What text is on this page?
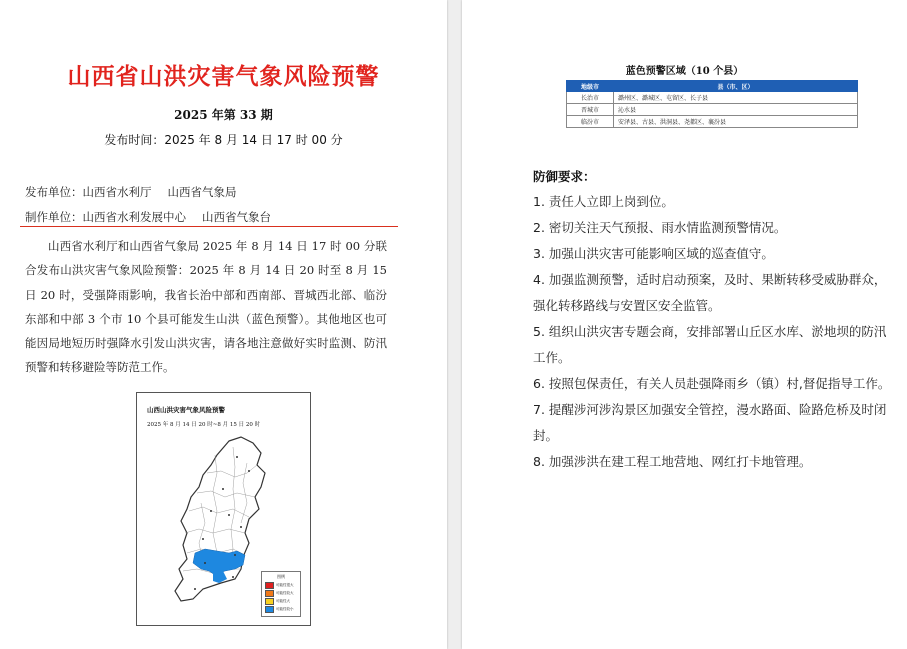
山西省山洪灾害气象风险预警
2025 年第 33 期
发布时间：2025 年 8 月 14 日 17 时 00 分
发布单位：山西省水利厅 山西省气象局
制作单位：山西省水利发展中心 山西省气象台
山西省水利厅和山西省气象局 2025 年 8 月 14 日 17 时 00 分联合发布山洪灾害气象风险预警：2025 年 8 月 14 日 20 时至 8 月 15 日 20 时，受强降雨影响，我省长治中部和西南部、晋城西北部、临汾东部和中部 3 个市 10 个县可能发生山洪（蓝色预警）。其他地区也可能因局地短历时强降水引发山洪灾害，请各地注意做好实时监测、防汛预警和转移避险等防范工作。
山西山洪灾害气象风险预警
2025 年 8 月 14 日 20 时~8 月 15 日 20 时
图例
可能性很大
可能性较大
可能性大
可能性较小
蓝色预警区域（10 个县）
地级市	县（市、区）
长治市	潞州区、潞城区、屯留区、长子县
晋城市	沁水县
临汾市	安泽县、古县、洪洞县、尧都区、襄汾县
防御要求：
1. 责任人立即上岗到位。
2. 密切关注天气预报、雨水情监测预警情况。
3. 加强山洪灾害可能影响区域的巡查值守。
4. 加强监测预警，适时启动预案，及时、果断转移受威胁群众，强化转移路线与安置区安全监管。
5. 组织山洪灾害专题会商，安排部署山丘区水库、淤地坝的防汛工作。
6. 按照包保责任，有关人员赴强降雨乡（镇）村,督促指导工作。
7. 提醒涉河涉沟景区加强安全管控，漫水路面、险路危桥及时闭封。
8. 加强涉洪在建工程工地营地、网红打卡地管理。
